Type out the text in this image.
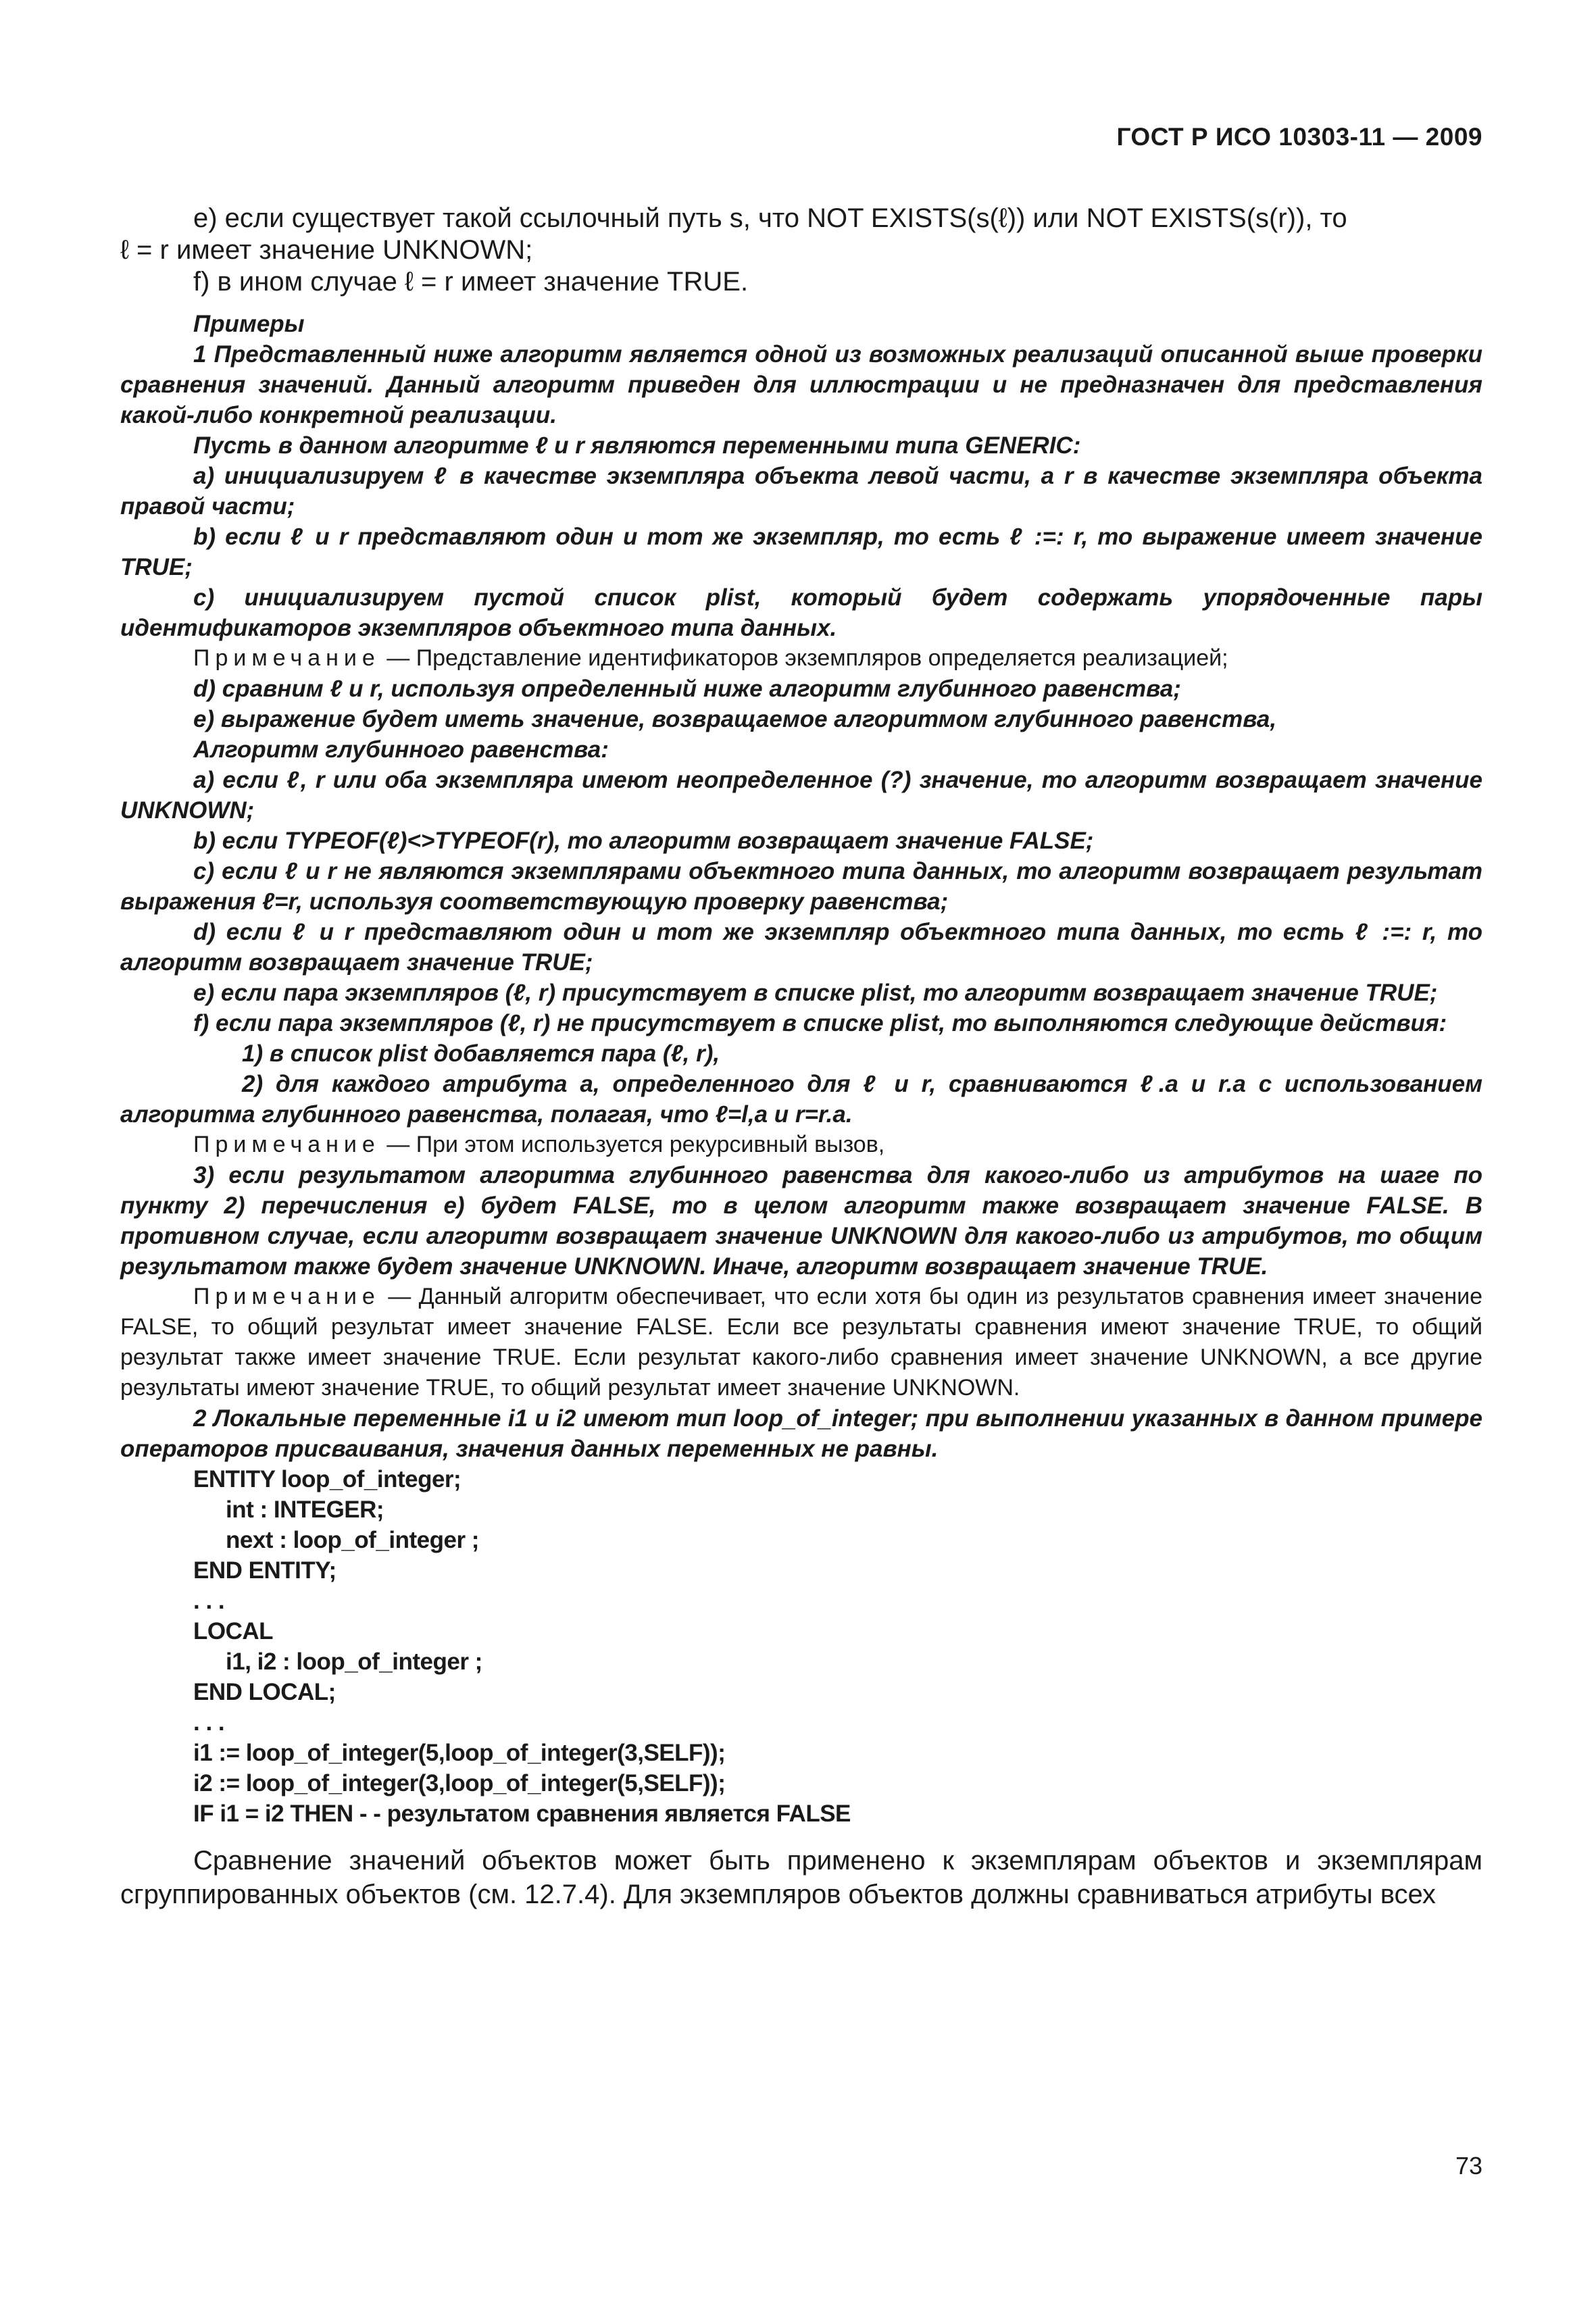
ГОСТ Р ИСО 10303-11 — 2009

e) если существует такой ссылочный путь s, что NOT EXISTS(s(ℓ)) или NOT EXISTS(s(r)), то

ℓ = r имеет значение UNKNOWN;

f) в ином случае ℓ = r имеет значение TRUE.

Примеры

1 Представленный ниже алгоритм является одной из возможных реализаций описанной выше проверки сравнения значений. Данный алгоритм приведен для иллюстрации и не предназначен для представления какой-либо конкретной реализации.

Пусть в данном алгоритме ℓ и r являются переменными типа GENERIC:

a) инициализируем ℓ в качестве экземпляра объекта левой части, а r в качестве экземпляра объекта правой части;

b) если ℓ и r представляют один и тот же экземпляр, то есть ℓ :=: r, то выражение имеет значение TRUE;

c) инициализируем пустой список plist, который будет содержать упорядоченные пары идентификаторов экземпляров объектного типа данных.

Примечание — Представление идентификаторов экземпляров определяется реализацией;

d) сравним ℓ и r, используя определенный ниже алгоритм глубинного равенства;

e) выражение будет иметь значение, возвращаемое алгоритмом глубинного равенства,

Алгоритм глубинного равенства:

a) если ℓ, r или оба экземпляра имеют неопределенное (?) значение, то алгоритм возвращает значение UNKNOWN;

b) если TYPEOF(ℓ)<>TYPEOF(r), то алгоритм возвращает значение FALSE;

c) если ℓ и r не являются экземплярами объектного типа данных, то алгоритм возвращает результат выражения ℓ=r, используя соответствующую проверку равенства;

d) если ℓ и r представляют один и тот же экземпляр объектного типа данных, то есть ℓ :=: r, то алгоритм возвращает значение TRUE;

e) если пара экземпляров (ℓ, r) присутствует в списке plist, то алгоритм возвращает значение TRUE;

f) если пара экземпляров (ℓ, r) не присутствует в списке plist, то выполняются следующие действия:

1) в список plist добавляется пара (ℓ, r),

2) для каждого атрибута a, определенного для ℓ и r, сравниваются ℓ.a и r.a с использованием алгоритма глубинного равенства, полагая, что ℓ=l,a и r=r.a.

Примечание — При этом используется рекурсивный вызов,

3) если результатом алгоритма глубинного равенства для какого-либо из атрибутов на шаге по пункту 2) перечисления e) будет FALSE, то в целом алгоритм также возвращает значение FALSE. В противном случае, если алгоритм возвращает значение UNKNOWN для какого-либо из атрибутов, то общим результатом также будет значение UNKNOWN. Иначе, алгоритм возвращает значение TRUE.

Примечание — Данный алгоритм обеспечивает, что если хотя бы один из результатов сравнения имеет значение FALSE, то общий результат имеет значение FALSE. Если все результаты сравнения имеют значение TRUE, то общий результат также имеет значение TRUE. Если результат какого-либо сравнения имеет значение UNKNOWN, а все другие результаты имеют значение TRUE, то общий результат имеет значение UNKNOWN.

2 Локальные переменные i1 и i2 имеют тип loop_of_integer; при выполнении указанных в данном примере операторов присваивания, значения данных переменных не равны.

ENTITY loop_of_integer;
int : INTEGER;
next : loop_of_integer ;
END ENTITY;
. . .
LOCAL
i1, i2 : loop_of_integer ;
END LOCAL;
. . .
i1 := loop_of_integer(5,loop_of_integer(3,SELF));
i2 := loop_of_integer(3,loop_of_integer(5,SELF));
IF i1 = i2 THEN - - результатом сравнения является FALSE

Сравнение значений объектов может быть применено к экземплярам объектов и экземплярам сгруппированных объектов (см. 12.7.4). Для экземпляров объектов должны сравниваться атрибуты всех

73
